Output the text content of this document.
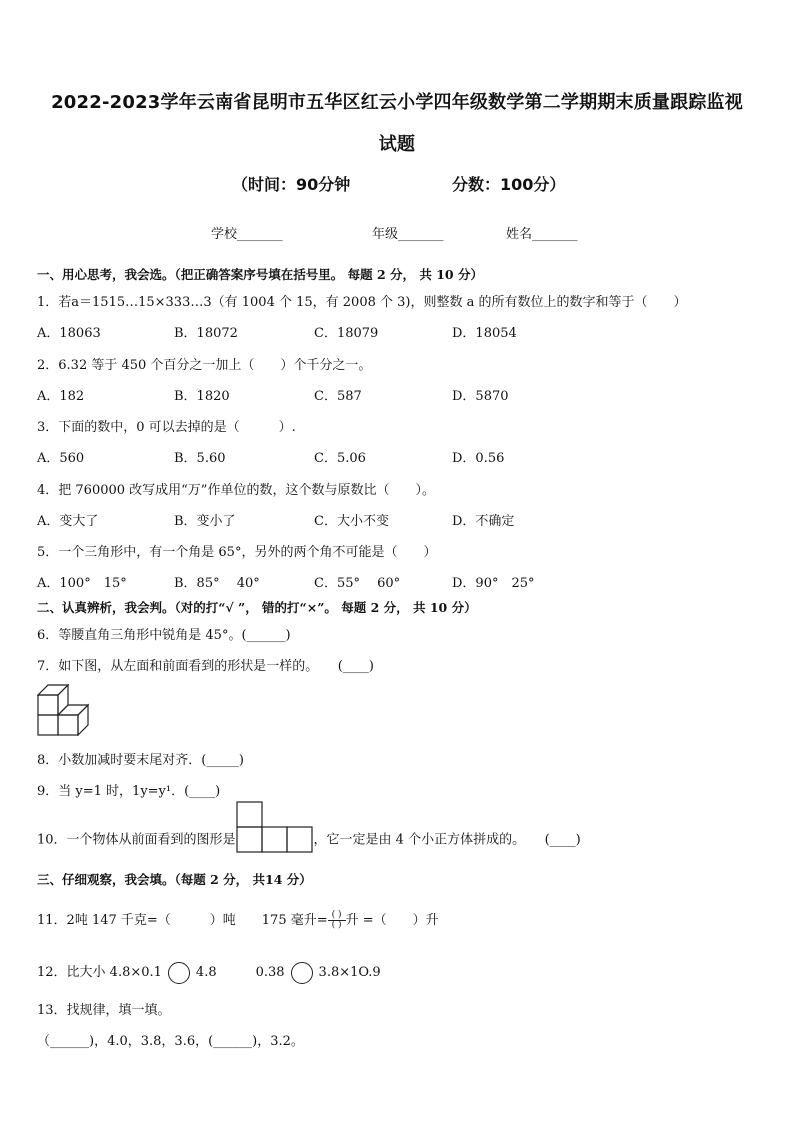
2022-2023学年云南省昆明市五华区红云小学四年级数学第二学期期末质量跟踪监视
试题
（时间：90分钟	分数：100分）
学校_______	年级_______	姓名_______
一、用心思考，我会选。（把正确答案序号填在括号里。 每题 2 分， 共 10 分）
1．若a＝1515…15×333…3（有 1004 个 15，有 2008 个 3)，则整数 a 的所有数位上的数字和等于（　　）
A．18063	B．18072	C．18079	D．18054
2．6.32 等于 450 个百分之一加上（　　）个千分之一。
A．182	B．1820	C．587	D．5870
3．下面的数中，0 可以去掉的是（　　　）.
A．560	B．5.60	C．5.06	D．0.56
4．把 760000 改写成用“万”作单位的数，这个数与原数比（　　）。
A．变大了	B．变小了	C．大小不变	D．不确定
5．一个三角形中，有一个角是 65°，另外的两个角不可能是（　　）
A．100°　15°	B．85°　 40°	C．55°　 60°	D．90°　25°
二、认真辨析，我会判。（对的打“√ ”， 错的打“×”。 每题 2 分， 共 10 分）
6．等腰直角三角形中锐角是 45°。(______)
7．如下图，从左面和前面看到的形状是一样的。　　(____)
8．小数加减时要末尾对齐．(_____)
9．当 y=1 时，1y=y¹．(____)
10．一个物体从前面看到的图形是	，它一定是由 4 个小正方体拼成的。　　(____)
三、仔细观察，我会填。（每题 2 分， 共14 分）
11．2吨 147 千克=（　　　）吨　　175 毫升$=\frac{( )}{( )}$升 =（　　）升
12．比大小 4.8×0.1	4.8　　　0.38	3.8×1O.9
13．找规律，填一填。
（______)，4.0，3.8，3.6，(______)，3.2。
